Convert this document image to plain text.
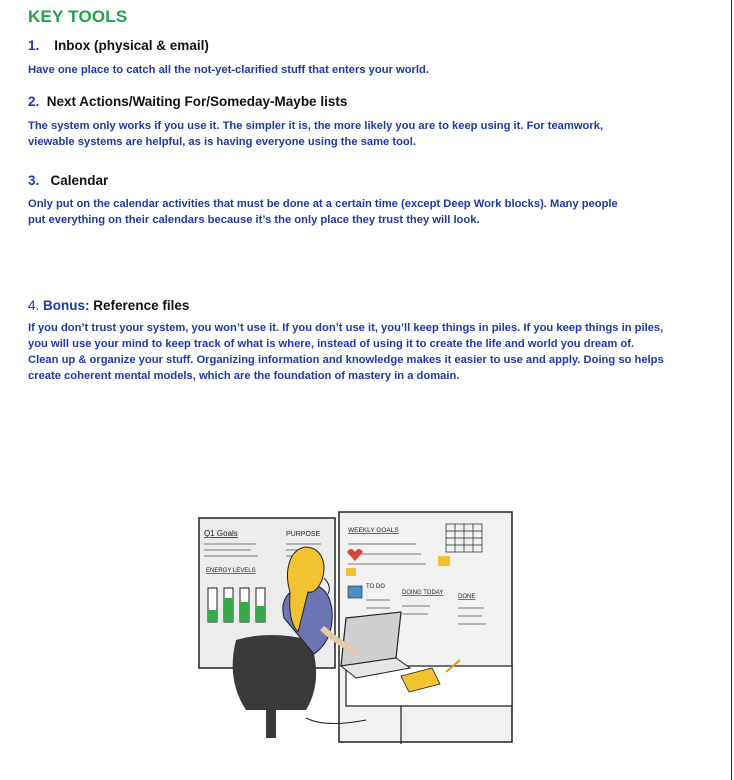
KEY TOOLS
1. Inbox (physical & email)
Have one place to catch all the not-yet-clarified stuff that enters your world.
2. Next Actions/Waiting For/Someday-Maybe lists
The system only works if you use it. The simpler it is, the more likely you are to keep using it. For teamwork,
viewable systems are helpful, as is having everyone using the same tool.
3. Calendar
Only put on the calendar activities that must be done at a certain time (except Deep Work blocks). Many people
put everything on their calendars because it’s the only place they trust they will look.
4. Bonus: Reference files
If you don’t trust your system, you won’t use it. If you don’t use it, you’ll keep things in piles. If you keep things in piles,
you will use your mind to keep track of what is where, instead of using it to create the life and world you dream of.
Clean up & organize your stuff. Organizing information and knowledge makes it easier to use and apply. Doing so helps
create coherent mental models, which are the foundation of mastery in a domain.
Q1 Goals	PURPOSE
ENERGY LEVELS
WEEKLY GOALS
TO DO
DOING TODAY
DONE
